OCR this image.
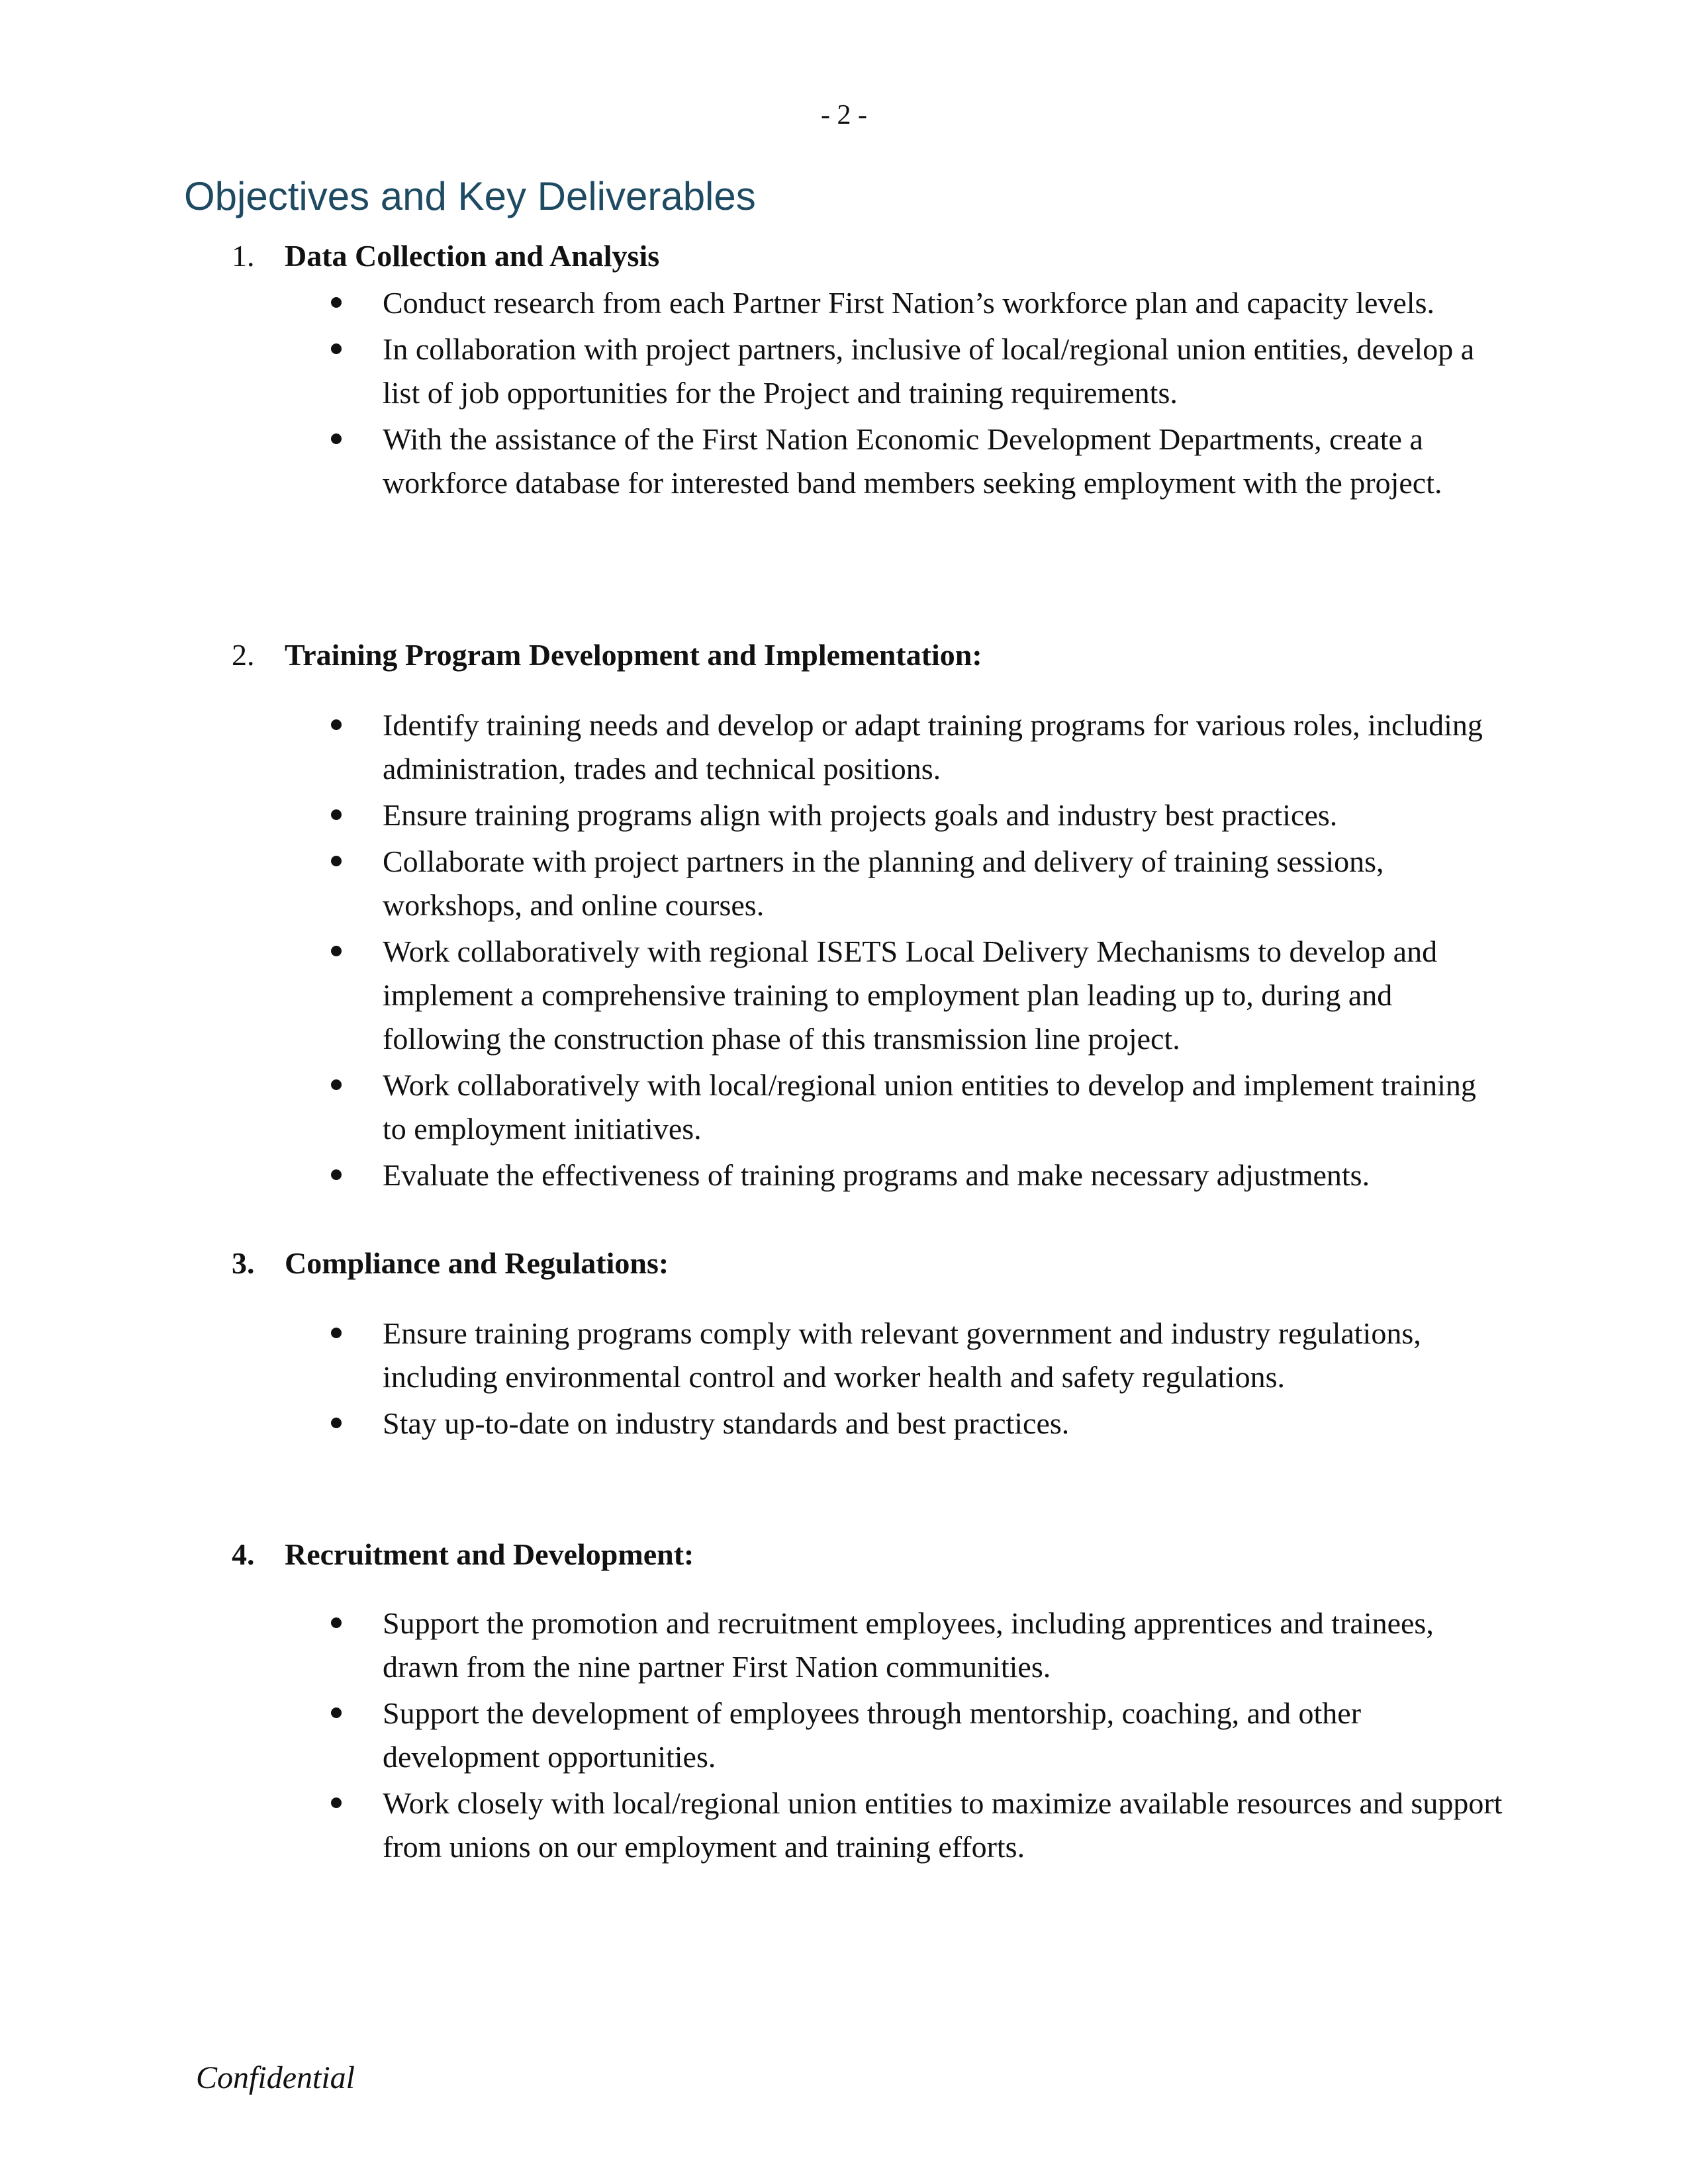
- 2 -
Objectives and Key Deliverables
1. Data Collection and Analysis
Conduct research from each Partner First Nation’s workforce plan and capacity levels.
In collaboration with project partners, inclusive of local/regional union entities, develop a list of job opportunities for the Project and training requirements.
With the assistance of the First Nation Economic Development Departments, create a workforce database for interested band members seeking employment with the project.
2. Training Program Development and Implementation:
Identify training needs and develop or adapt training programs for various roles, including administration, trades and technical positions.
Ensure training programs align with projects goals and industry best practices.
Collaborate with project partners in the planning and delivery of training sessions, workshops, and online courses.
Work collaboratively with regional ISETS Local Delivery Mechanisms to develop and implement a comprehensive training to employment plan leading up to, during and following the construction phase of this transmission line project.
Work collaboratively with local/regional union entities to develop and implement training to employment initiatives.
Evaluate the effectiveness of training programs and make necessary adjustments.
3. Compliance and Regulations:
Ensure training programs comply with relevant government and industry regulations, including environmental control and worker health and safety regulations.
Stay up-to-date on industry standards and best practices.
4. Recruitment and Development:
Support the promotion and recruitment employees, including apprentices and trainees, drawn from the nine partner First Nation communities.
Support the development of employees through mentorship, coaching, and other development opportunities.
Work closely with local/regional union entities to maximize available resources and support from unions on our employment and training efforts.
Confidential
